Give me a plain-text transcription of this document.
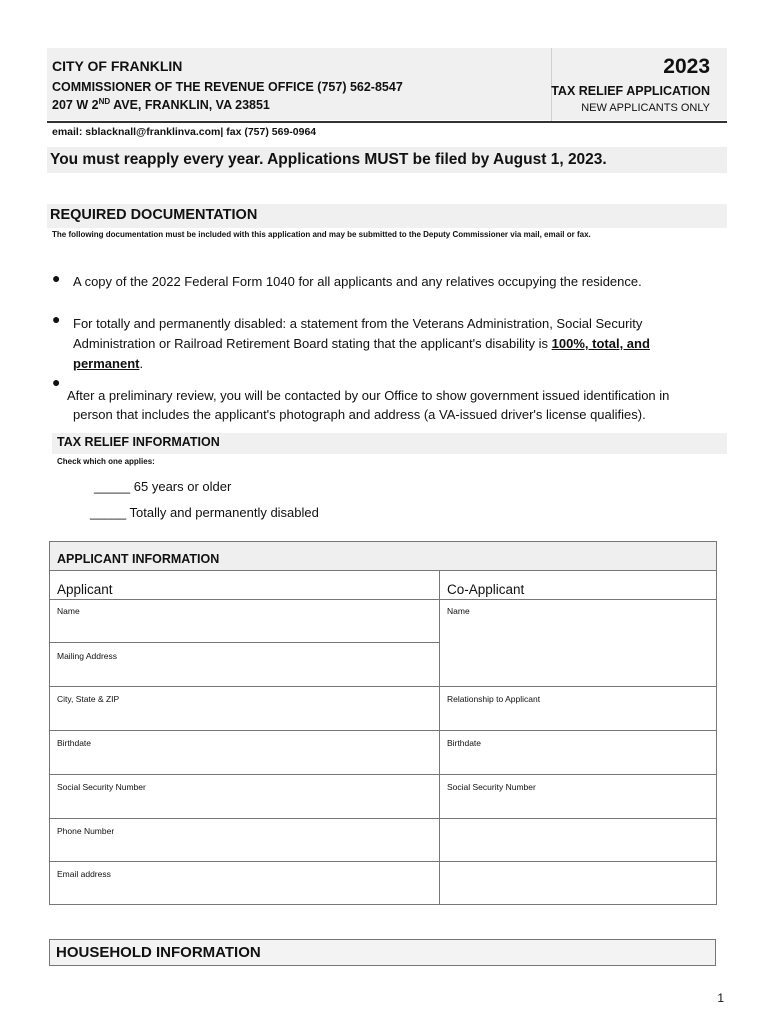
CITY OF FRANKLIN
COMMISSIONER OF THE REVENUE OFFICE (757) 562-8547
207 W 2ND AVE, FRANKLIN, VA 23851
2023
TAX RELIEF APPLICATION
NEW APPLICANTS ONLY
email: sblacknall@franklinva.com| fax (757) 569-0964
You must reapply every year. Applications MUST be filed by August 1, 2023.
REQUIRED DOCUMENTATION
The following documentation must be included with this application and may be submitted to the Deputy Commissioner via mail, email or fax.
● A copy of the 2022 Federal Form 1040 for all applicants and any relatives occupying the residence.
● For totally and permanently disabled: a statement from the Veterans Administration, Social Security
Administration or Railroad Retirement Board stating that the applicant's disability is 100%, total, and
permanent.
●
After a preliminary review, you will be contacted by our Office to show government issued identification in
person that includes the applicant's photograph and address (a VA-issued driver's license qualifies).
TAX RELIEF INFORMATION
Check which one applies:
_____ 65 years or older
_____ Totally and permanently disabled
APPLICANT INFORMATION
Applicant	Co-Applicant
Name
Mailing Address
City, State & ZIP
Birthdate
Social Security Number
Phone Number
Email address
Name
Relationship to Applicant
Birthdate
Social Security Number
HOUSEHOLD INFORMATION
1
